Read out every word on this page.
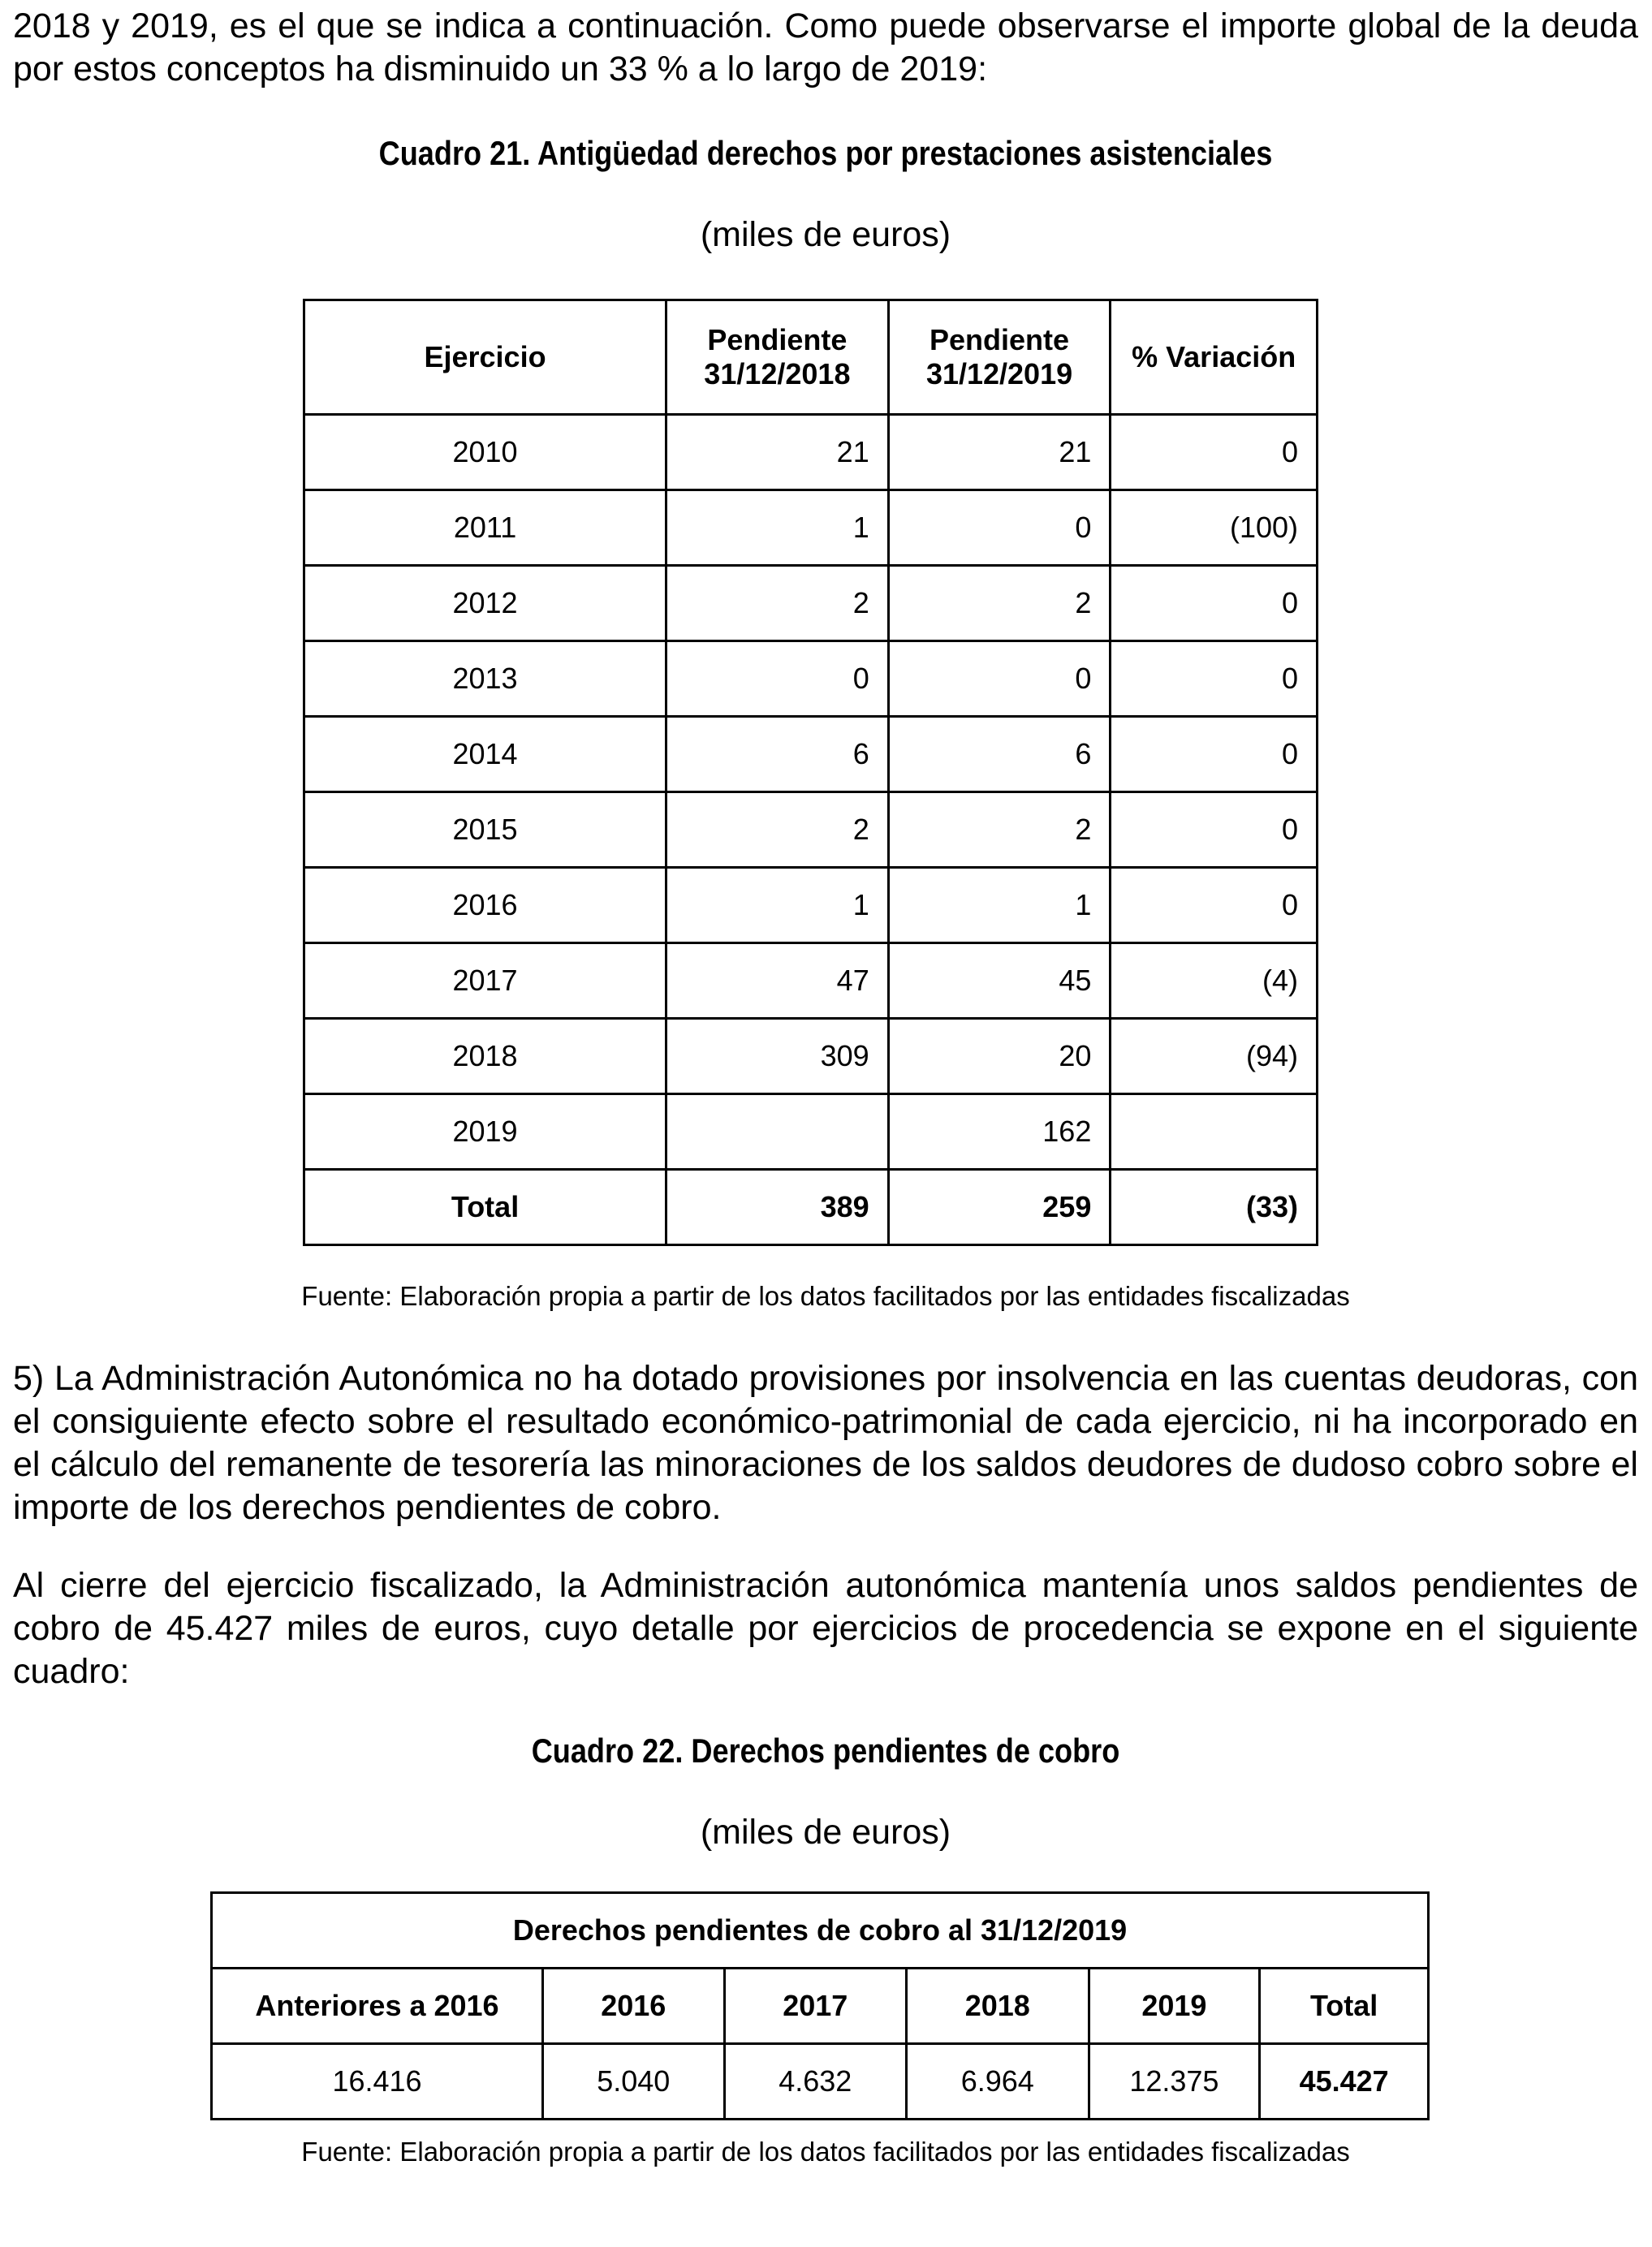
2018 y 2019, es el que se indica a continuación. Como puede observarse el importe global de la deuda por estos conceptos ha disminuido un 33 % a lo largo de 2019:

Cuadro 21. Antigüedad derechos por prestaciones asistenciales

(miles de euros)

Fuente: Elaboración propia a partir de los datos facilitados por las entidades fiscalizadas

5) La Administración Autonómica no ha dotado provisiones por insolvencia en las cuentas deudoras, con el consiguiente efecto sobre el resultado económico-patrimonial de cada ejercicio, ni ha incorporado en el cálculo del remanente de tesorería las minoraciones de los saldos deudores de dudoso cobro sobre el importe de los derechos pendientes de cobro.

Al cierre del ejercicio fiscalizado, la Administración autonómica mantenía unos saldos pendientes de cobro de 45.427 miles de euros, cuyo detalle por ejercicios de procedencia se expone en el siguiente cuadro:

Cuadro 22. Derechos pendientes de cobro

(miles de euros)

Fuente: Elaboración propia a partir de los datos facilitados por las entidades fiscalizadas

Ejercicio	Pendiente 31/12/2018	Pendiente 31/12/2019	% Variación
2010	21	21	0
2011	1	0	(100)
2012	2	2	0
2013	0	0	0
2014	6	6	0
2015	2	2	0
2016	1	1	0
2017	47	45	(4)
2018	309	20	(94)
2019		162	
Total	389	259	(33)
Derechos pendientes de cobro al 31/12/2019					
Anteriores a 2016	2016	2017	2018	2019	Total
16.416	5.040	4.632	6.964	12.375	45.427
